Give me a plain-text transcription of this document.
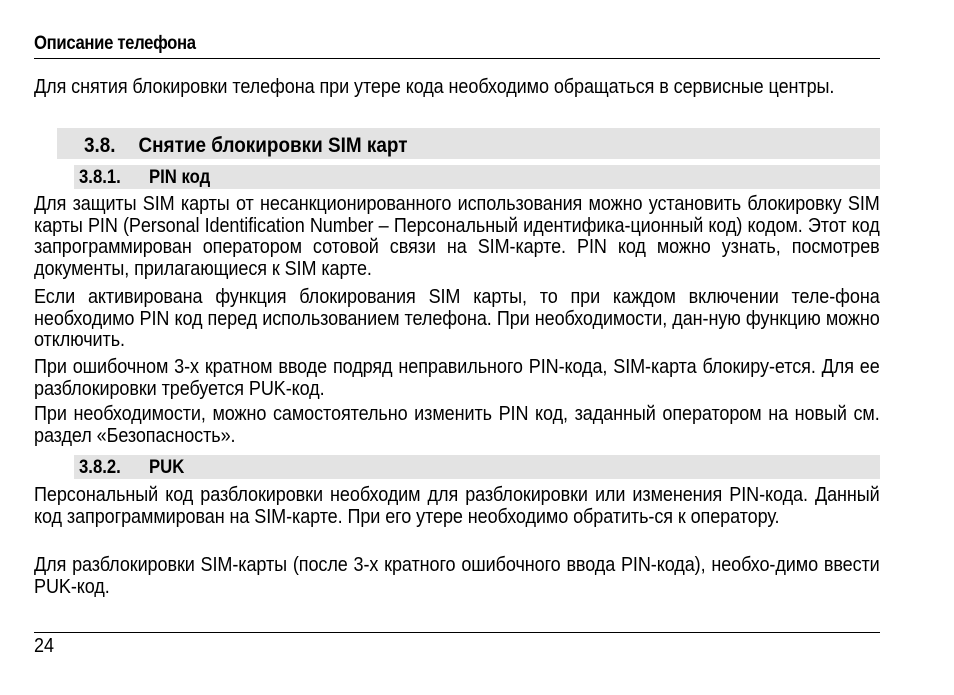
Описание телефона
Для снятия блокировки телефона при утере кода необходимо обращаться в сервисные центры.
3.8. Снятие блокировки SIM карт
3.8.1. PIN код
Для защиты SIM карты от несанкционированного использования можно установить блокировку SIM карты PIN (Personal Identification Number – Персональный идентифика-ционный код) кодом. Этот код запрограммирован оператором сотовой связи на SIM-карте. PIN код можно узнать, посмотрев документы, прилагающиеся к SIM карте.
Если активирована функция блокирования SIM карты, то при каждом включении теле-фона необходимо PIN код перед использованием телефона. При необходимости, дан-ную функцию можно отключить.
При ошибочном 3-х кратном вводе подряд неправильного PIN-кода, SIM-карта блокиру-ется. Для ее разблокировки требуется PUK-код.
При необходимости, можно самостоятельно изменить PIN код, заданный оператором на новый см. раздел «Безопасность».
3.8.2. PUK
Персональный код разблокировки необходим для разблокировки или изменения PIN-кода. Данный код запрограммирован на SIM-карте. При его утере необходимо обратить-ся к оператору.
Для разблокировки SIM-карты (после 3-х кратного ошибочного ввода PIN-кода), необхо-димо ввести PUK-код.
24
